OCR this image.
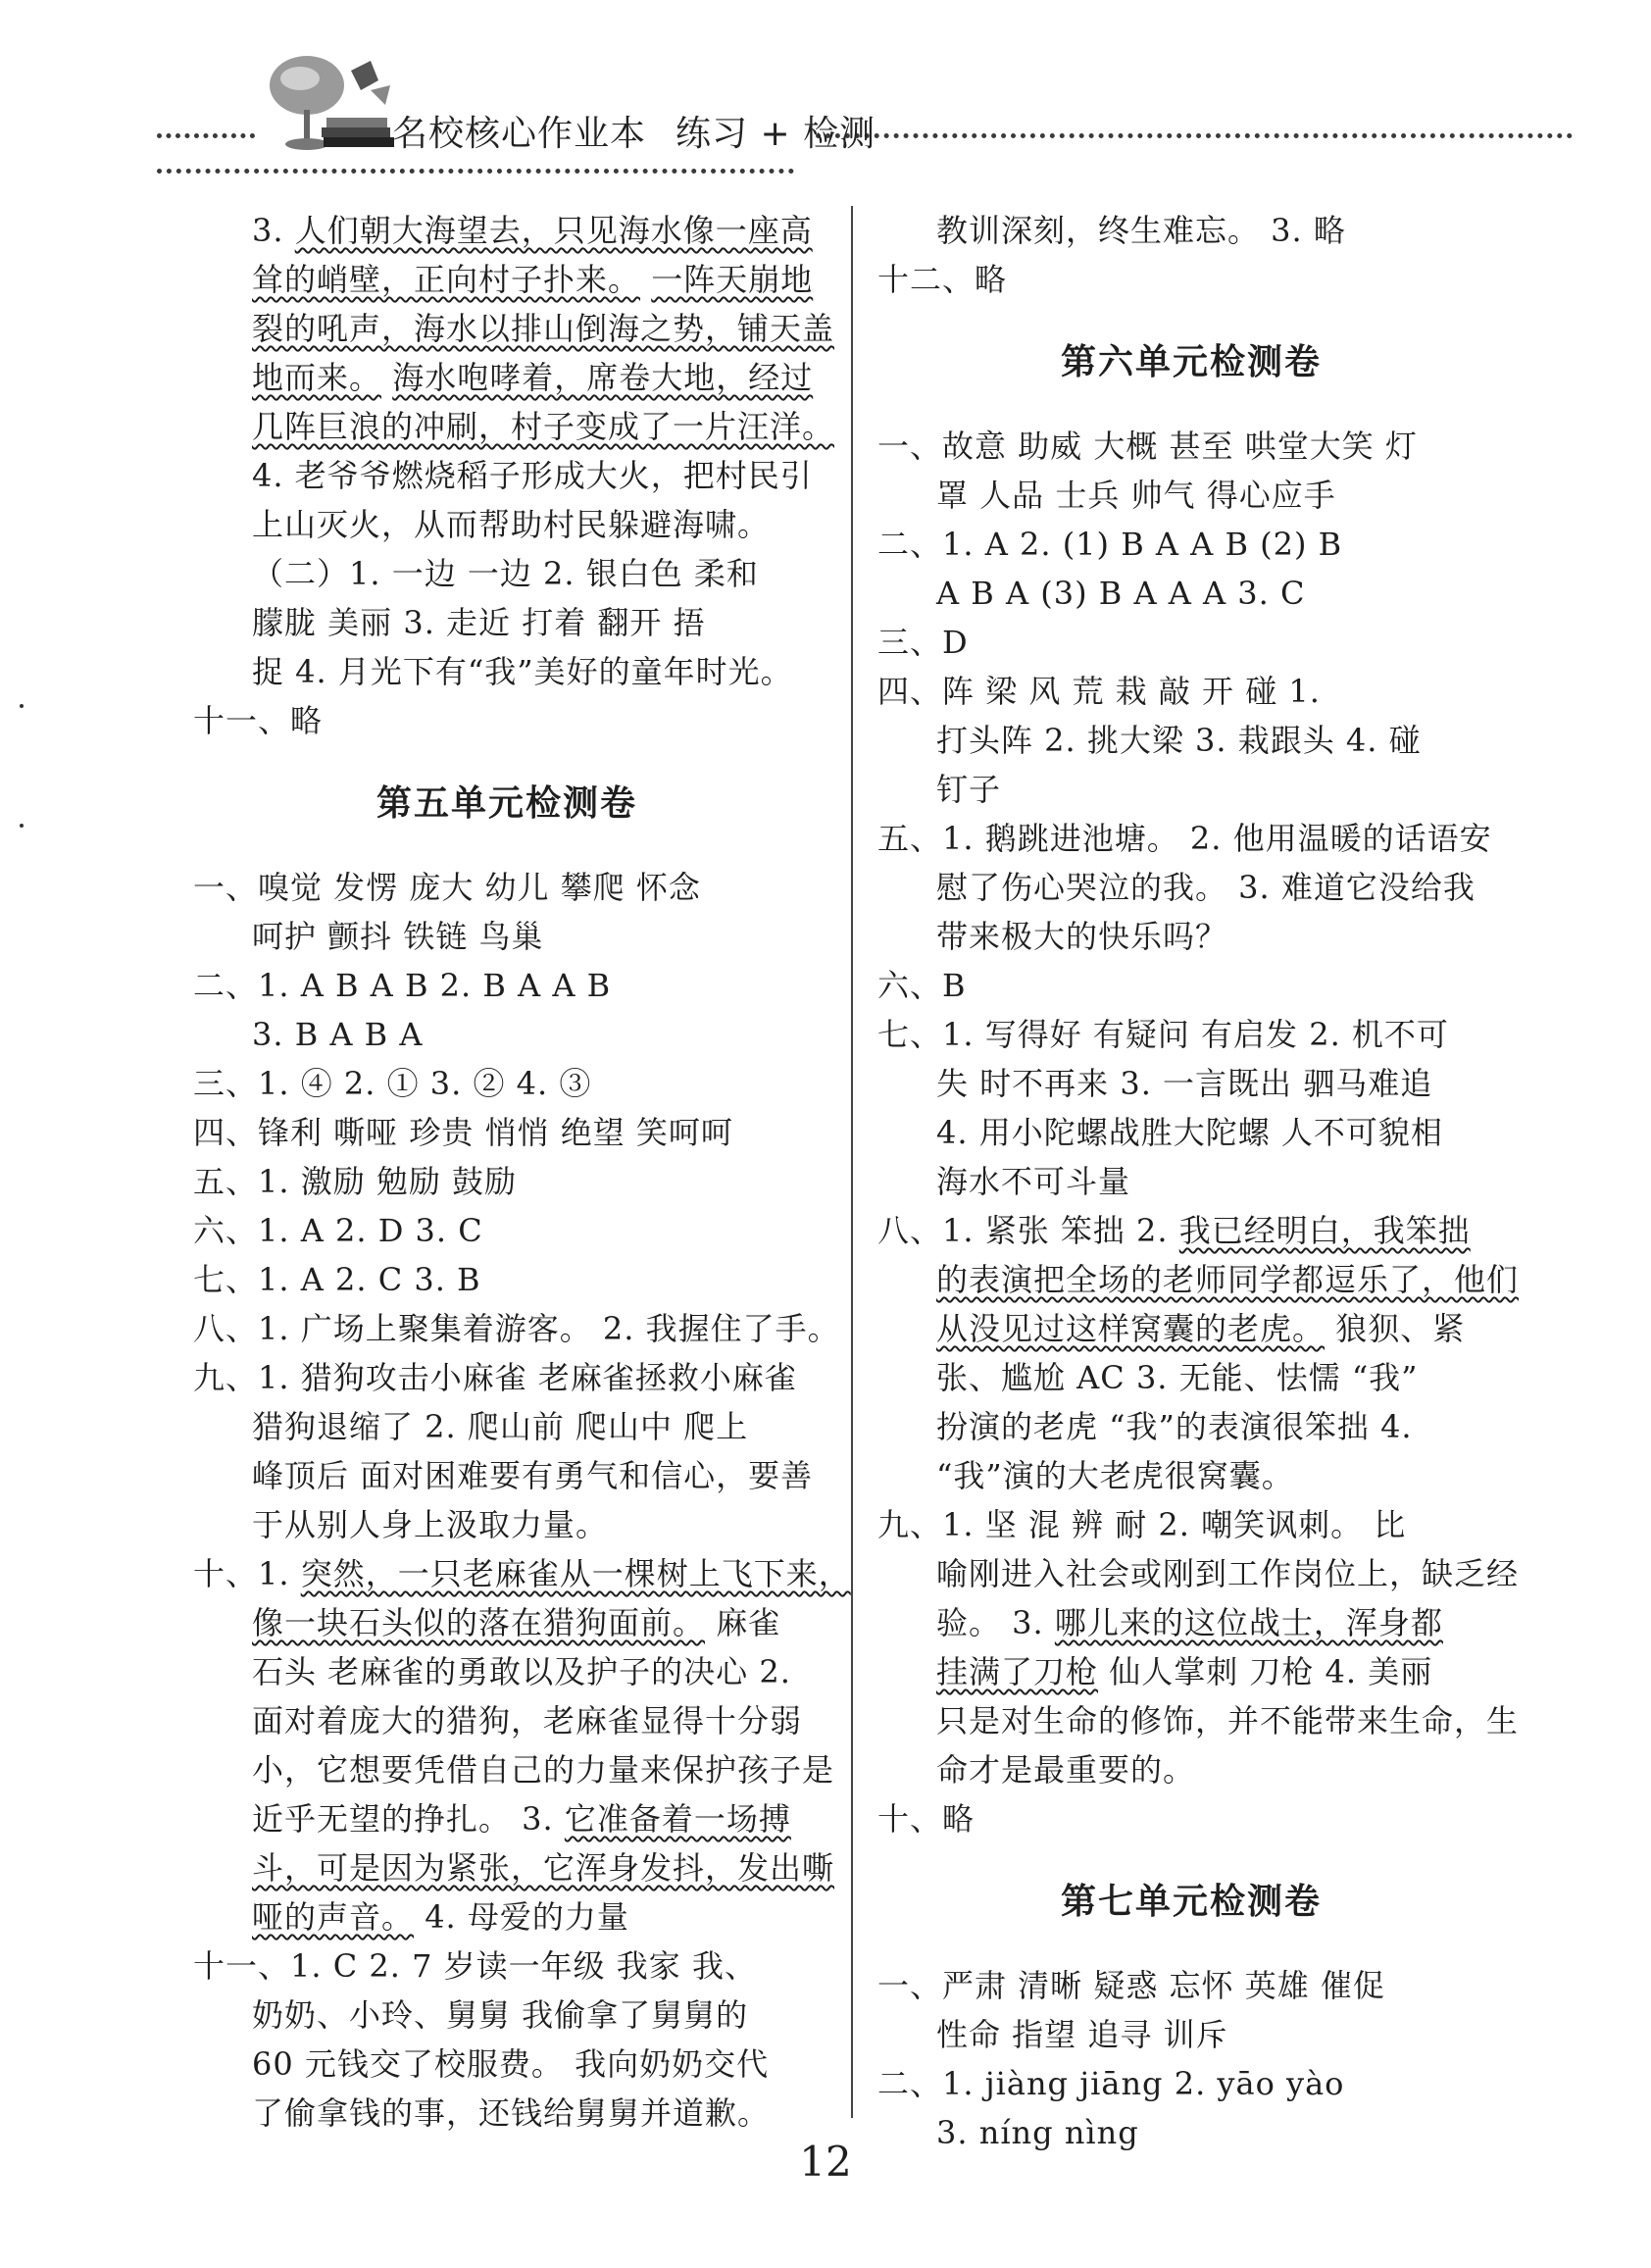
名校核心作业本 练习 + 检测
3. 人们朝大海望去，只见海水像一座高
耸的峭壁，正向村子扑来。 一阵天崩地
裂的吼声，海水以排山倒海之势，铺天盖
地而来。 海水咆哮着，席卷大地，经过
几阵巨浪的冲刷，村子变成了一片汪洋。
4. 老爷爷燃烧稻子形成大火，把村民引
上山灭火，从而帮助村民躲避海啸。
（二）1. 一边 一边 2. 银白色 柔和
朦胧 美丽 3. 走近 打着 翻开 捂
捉 4. 月光下有“我”美好的童年时光。
十一、略
第五单元检测卷
一、嗅觉 发愣 庞大 幼儿 攀爬 怀念
呵护 颤抖 铁链 鸟巢
二、1. A B A B 2. B A A B
3. B A B A
三、1. ④ 2. ① 3. ② 4. ③
四、锋利 嘶哑 珍贵 悄悄 绝望 笑呵呵
五、1. 激励 勉励 鼓励
六、1. A 2. D 3. C
七、1. A 2. C 3. B
八、1. 广场上聚集着游客。 2. 我握住了手。
九、1. 猎狗攻击小麻雀 老麻雀拯救小麻雀
猎狗退缩了 2. 爬山前 爬山中 爬上
峰顶后 面对困难要有勇气和信心，要善
于从别人身上汲取力量。
十、1. 突然，一只老麻雀从一棵树上飞下来，
像一块石头似的落在猎狗面前。 麻雀
石头 老麻雀的勇敢以及护子的决心 2.
面对着庞大的猎狗，老麻雀显得十分弱
小，它想要凭借自己的力量来保护孩子是
近乎无望的挣扎。 3. 它准备着一场搏
斗，可是因为紧张，它浑身发抖，发出嘶
哑的声音。 4. 母爱的力量
十一、1. C 2. 7 岁读一年级 我家 我、
奶奶、小玲、舅舅 我偷拿了舅舅的
60 元钱交了校服费。 我向奶奶交代
了偷拿钱的事，还钱给舅舅并道歉。
教训深刻，终生难忘。 3. 略
十二、略
第六单元检测卷
一、故意 助威 大概 甚至 哄堂大笑 灯
罩 人品 士兵 帅气 得心应手
二、1. A 2. (1) B A A B (2) B
A B A (3) B A A A 3. C
三、D
四、阵 梁 风 荒 栽 敲 开 碰 1.
打头阵 2. 挑大梁 3. 栽跟头 4. 碰
钉子
五、1. 鹅跳进池塘。 2. 他用温暖的话语安
慰了伤心哭泣的我。 3. 难道它没给我
带来极大的快乐吗？
六、B
七、1. 写得好 有疑问 有启发 2. 机不可
失 时不再来 3. 一言既出 驷马难追
4. 用小陀螺战胜大陀螺 人不可貌相
海水不可斗量
八、1. 紧张 笨拙 2. 我已经明白，我笨拙
的表演把全场的老师同学都逗乐了，他们
从没见过这样窝囊的老虎。 狼狈、紧
张、尴尬 AC 3. 无能、怯懦 “我”
扮演的老虎 “我”的表演很笨拙 4.
“我”演的大老虎很窝囊。
九、1. 坚 混 辨 耐 2. 嘲笑讽刺。 比
喻刚进入社会或刚到工作岗位上，缺乏经
验。 3. 哪儿来的这位战士，浑身都
挂满了刀枪 仙人掌刺 刀枪 4. 美丽
只是对生命的修饰，并不能带来生命，生
命才是最重要的。
十、略
第七单元检测卷
一、严肃 清晰 疑惑 忘怀 英雄 催促
性命 指望 追寻 训斥
二、1. jiàng jiāng 2. yāo yào
3. níng nìng
12
